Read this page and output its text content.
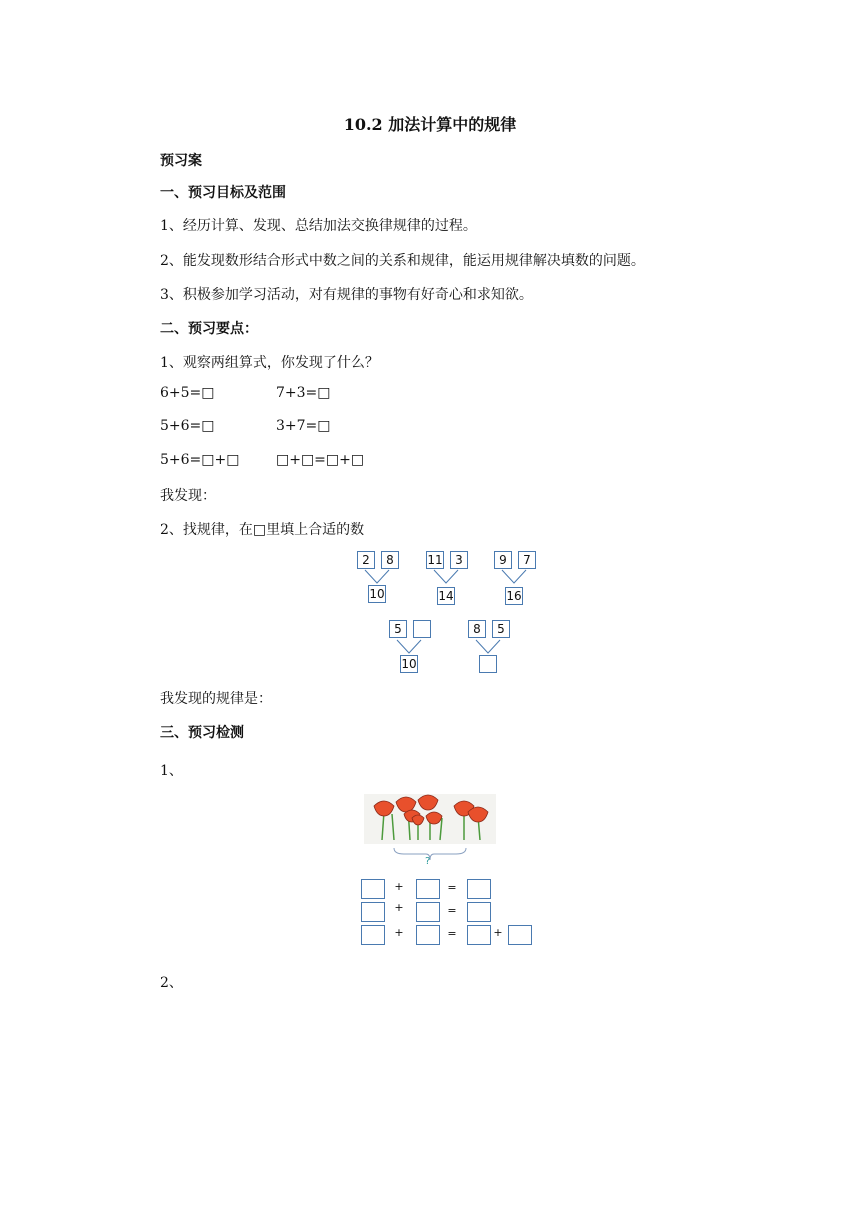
10.2 加法计算中的规律
预习案
一、预习目标及范围
1、经历计算、发现、总结加法交换律规律的过程。
2、能发现数形结合形式中数之间的关系和规律，能运用规律解决填数的问题。
3、积极参加学习活动，对有规律的事物有好奇心和求知欲。
二、预习要点：
1、观察两组算式，你发现了什么？
6+5=□	7+3=□
5+6=□	3+7=□
5+6=□+□	□+□=□+□
我发现：
2、找规律，在□里填上合适的数
2	8
10
11	3
14
9	7
16
5
10
8	5
我发现的规律是：
三、预习检测
1、
?
+	=
+	=
+	=	+
2、
